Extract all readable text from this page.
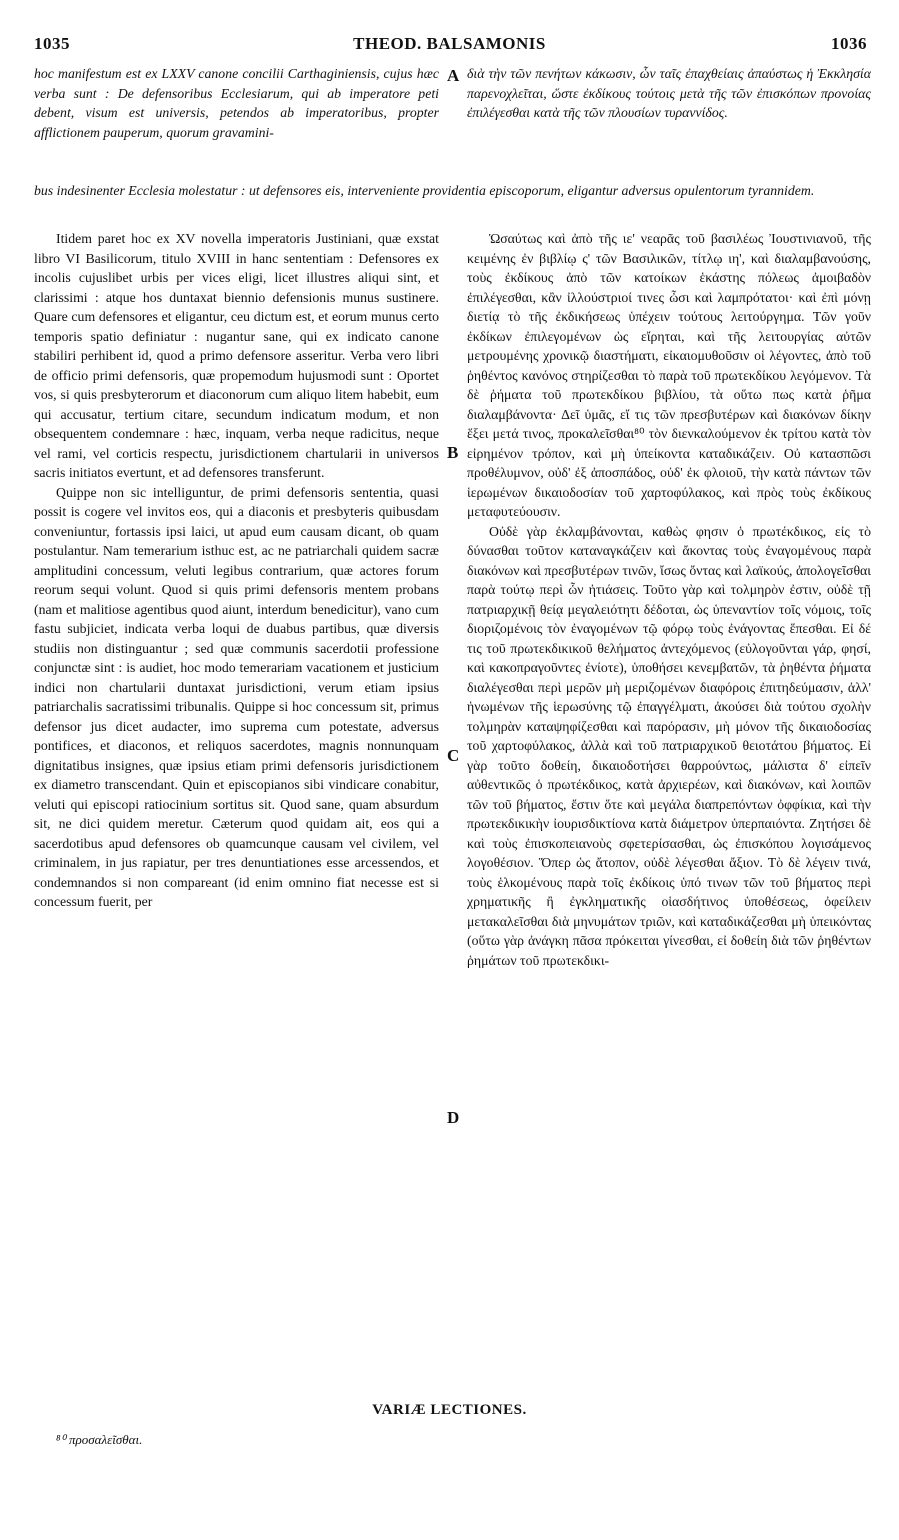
1035	THEOD. BALSAMONIS	1036

hoc manifestum est ex LXXV canone concilii Carthaginiensis, cujus hæc verba sunt : De defensoribus Ecclesiarum, qui ab imperatore peti debent, visum est universis, petendos ab imperatoribus, propter afflictionem pauperum, quorum gravamini-

A διὰ τὴν τῶν πενήτων κάκωσιν, ὧν ταῖς ἐπαχθείαις ἀπαύστως ἡ Ἐκκλησία παρενοχλεῖται, ὥστε ἐκδίκους τούτοις μετὰ τῆς τῶν ἐπισκόπων προνοίας ἐπιλέγεσθαι κατὰ τῆς τῶν πλουσίων τυραννίδος.

bus indesinenter Ecclesia molestatur : ut defensores eis, interveniente providentia episcoporum, eligantur adversus opulentorum tyrannidem.

Itidem paret hoc ex XV novella imperatoris Justiniani, quæ exstat libro VI Basilicorum, titulo XVIII in hanc sententiam : Defensores ex incolis cujuslibet urbis per vices eligi, licet illustres aliqui sint, et clarissimi : atque hos duntaxat biennio defensionis munus sustinere. Quare cum defensores et eligantur, ceu dictum est, et eorum munus certo temporis spatio definiatur : nugantur sane, qui ex indicato canone stabiliri perhibent id, quod a primo defensore asseritur. Verba vero libri de officio primi defensoris, quæ propemodum hujusmodi sunt : Oportet vos, si quis presbyterorum et diaconorum cum aliquo litem habebit, eum qui accusatur, tertium citare, secundum indicatum modum, et non obsequentem condemnare : hæc, inquam, verba neque radicitus, neque vel rami, vel corticis respectu, jurisdictionem chartularii in universos sacris initiatos evertunt, et ad defensores transferunt.

Quippe non sic intelliguntur, de primi defensoris sententia, quasi possit is cogere vel invitos eos, qui a diaconis et presbyteris quibusdam conveniuntur, fortassis ipsi laici, ut apud eum causam dicant, ob quam postulantur. Nam temerarium isthuc est, ac ne patriarchali quidem sacræ amplitudini concessum, veluti legibus contrarium, quæ actores forum reorum sequi volunt. Quod si quis primi defensoris mentem probans (nam et malitiose agentibus quod aiunt, interdum benedicitur), vano cum fastu subjiciet, indicata verba loqui de duabus partibus, quæ diversis studiis non distinguantur ; sed quæ communis sacerdotii professione conjunctæ sint : is audiet, hoc modo temerariam vacationem et justicium indici non chartularii duntaxat jurisdictioni, verum etiam ipsius patriarchalis sacratissimi tribunalis. Quippe si hoc concessum sit, primus defensor jus dicet audacter, imo suprema cum potestate, adversus pontifices, et diaconos, et reliquos sacerdotes, magnis nonnunquam dignitatibus insignes, quæ ipsius etiam primi defensoris jurisdictionem ex diametro transcendant. Quin et episcopianos sibi vindicare conabitur, veluti qui episcopi ratiocinium sortitus sit. Quod sane, quam absurdum sit, ne dici quidem meretur. Cæterum quod quidam ait, eos qui a sacerdotibus apud defensores ob quamcunque causam vel civilem, vel criminalem, in jus rapiatur, per tres denuntiationes esse arcessendos, et condemnandos si non compareant (id enim omnino fiat necesse est si concessum fuerit, per

B
C
D

Ὡσαύτως καὶ ἀπὸ τῆς ιε' νεαρᾶς τοῦ βασιλέως Ἰουστινιανοῦ, τῆς κειμένης ἐν βιβλίῳ ς' τῶν Βασιλικῶν, τίτλῳ ιη', καὶ διαλαμβανούσης, τοὺς ἐκδίκους ἀπὸ τῶν κατοίκων ἑκάστης πόλεως ἀμοιβαδὸν ἐπιλέγεσθαι, κἂν ἰλλούστριοί τινες ὦσι καὶ λαμπρότατοι· καὶ ἐπὶ μόνῃ διετίᾳ τὸ τῆς ἐκδικήσεως ὑπέχειν τούτους λειτούργημα. Τῶν γοῦν ἐκδίκων ἐπιλεγομένων ὡς εἴρηται, καὶ τῆς λειτουργίας αὐτῶν μετρουμένης χρονικῷ διαστήματι, εἰκαιομυθοῦσιν οἱ λέγοντες, ἀπὸ τοῦ ῥηθέντος κανόνος στηρίζεσθαι τὸ παρὰ τοῦ πρωτεκδίκου λεγόμενον. Τὰ δὲ ῥήματα τοῦ πρωτεκδίκου βιβλίου, τὰ οὕτω πως κατὰ ῥῆμα διαλαμβάνοντα· Δεῖ ὑμᾶς, εἴ τις τῶν πρεσβυτέρων καὶ διακόνων δίκην ἕξει μετά τινος, προκαλεῖσθαι⁸⁰ τὸν διενκαλούμενον ἐκ τρίτου κατὰ τὸν εἰρημένον τρόπον, καὶ μὴ ὑπείκοντα καταδικάζειν. Οὐ κατασπῶσι προθέλυμνον, οὐδ' ἐξ ἀποσπάδος, οὐδ' ἐκ φλοιοῦ, τὴν κατὰ πάντων τῶν ἱερωμένων δικαιοδοσίαν τοῦ χαρτοφύλακος, καὶ πρὸς τοὺς ἐκδίκους μεταφυτεύουσιν.

Οὐδὲ γὰρ ἐκλαμβάνονται, καθὼς φησιν ὁ πρωτέκδικος, εἰς τὸ δύνασθαι τοῦτον καταναγκάζειν καὶ ἄκοντας τοὺς ἐναγομένους παρὰ διακόνων καὶ πρεσβυτέρων τινῶν, ἴσως ὄντας καὶ λαϊκούς, ἀπολογεῖσθαι παρὰ τούτῳ περὶ ὧν ἠτιάσεις. Τοῦτο γὰρ καὶ τολμηρὸν ἐστιν, οὐδὲ τῇ πατριαρχικῇ θείᾳ μεγαλειότητι δέδοται, ὡς ὑπεναντίον τοῖς νόμοις, τοῖς διοριζομένοις τὸν ἐναγομένων τῷ φόρῳ τοὺς ἐνάγοντας ἕπεσθαι. Εἰ δέ τις τοῦ πρωτεκδικικοῦ θελήματος ἀντεχόμενος (εὐλογοῦνται γάρ, φησί, καὶ κακοπραγοῦντες ἐνίοτε), ὑποθήσει κενεμβατῶν, τὰ ῥηθέντα ῥήματα διαλέγεσθαι περὶ μερῶν μὴ μεριζομένων διαφόροις ἐπιτηδεύμασιν, ἀλλ' ἡνωμένων τῆς ἱερωσύνης τῷ ἐπαγγέλματι, ἀκούσει διὰ τούτου σχολὴν τολμηρὰν καταψηφίζεσθαι καὶ παρόρασιν, μὴ μόνον τῆς δικαιοδοσίας τοῦ χαρτοφύλακος, ἀλλὰ καὶ τοῦ πατριαρχικοῦ θειοτάτου βήματος. Εἰ γὰρ τοῦτο δοθείη, δικαιοδοτήσει θαρρούντως, μάλιστα δ' εἰπεῖν αὐθεντικῶς ὁ πρωτέκδικος, κατὰ ἀρχιερέων, καὶ διακόνων, καὶ λοιπῶν τῶν τοῦ βήματος, ἔστιν ὅτε καὶ μεγάλα διαπρεπόντων ὀφφίκια, καὶ τὴν πρωτεκδικικὴν ἰουρισδικτίονα κατὰ διάμετρον ὑπερπαιόντα. Ζητήσει δὲ καὶ τοὺς ἐπισκοπειανοὺς σφετερίσασθαι, ὡς ἐπισκόπου λογισάμενος λογοθέσιον. Ὅπερ ὡς ἄτοπον, οὐδὲ λέγεσθαι ἄξιον. Τὸ δὲ λέγειν τινά, τοὺς ἑλκομένους παρὰ τοῖς ἐκδίκοις ὑπό τινων τῶν τοῦ βήματος περὶ χρηματικῆς ἢ ἐγκληματικῆς οἱασδήτινος ὑποθέσεως, ὀφείλειν μετακαλεῖσθαι διὰ μηνυμάτων τριῶν, καὶ καταδικάζεσθαι μὴ ὑπεικόντας (οὕτω γὰρ ἀνάγκη πᾶσα πρόκειται γίνεσθαι, εἰ δοθείη διὰ τῶν ῥηθέντων ῥημάτων τοῦ πρωτεκδικι-

VARIÆ LECTIONES.
⁸⁰ προσαλεῖσθαι.
